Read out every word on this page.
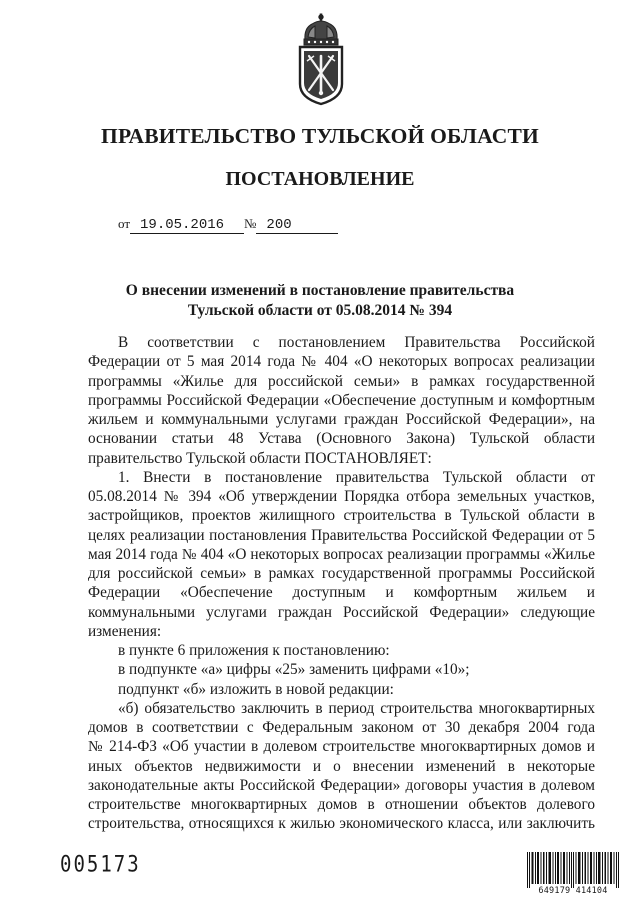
ПРАВИТЕЛЬСТВО ТУЛЬСКОЙ ОБЛАСТИ
ПОСТАНОВЛЕНИЕ
от 19.05.2016 № 200
О внесении изменений в постановление правительства
Тульской области от 05.08.2014 № 394

В соответствии с постановлением Правительства Российской

Федерации от 5 мая 2014 года № 404 «О некоторых вопросах реализации

программы «Жилье для российской семьи» в рамках государственной

программы Российской Федерации «Обеспечение доступным и комфортным

жильем и коммунальными услугами граждан Российской Федерации», на

основании статьи 48 Устава (Основного Закона) Тульской области

правительство Тульской области ПОСТАНОВЛЯЕТ:

1. Внести в постановление правительства Тульской области от

05.08.2014 № 394 «Об утверждении Порядка отбора земельных участков,

застройщиков, проектов жилищного строительства в Тульской области в

целях реализации постановления Правительства Российской Федерации от 5

мая 2014 года № 404 «О некоторых вопросах реализации программы «Жилье

для российской семьи» в рамках государственной программы Российской

Федерации «Обеспечение доступным и комфортным жильем и

коммунальными услугами граждан Российской Федерации» следующие

изменения:

в пункте 6 приложения к постановлению:

в подпункте «а» цифры «25» заменить цифрами «10»;

подпункт «б» изложить в новой редакции:

«б) обязательство заключить в период строительства многоквартирных

домов в соответствии с Федеральным законом от 30 декабря 2004 года

№ 214-ФЗ «Об участии в долевом строительстве многоквартирных домов и

иных объектов недвижимости и о внесении изменений в некоторые

законодательные акты Российской Федерации» договоры участия в долевом

строительстве многоквартирных домов в отношении объектов долевого

строительства, относящихся к жилью экономического класса, или заключить

005173
649179 414104
